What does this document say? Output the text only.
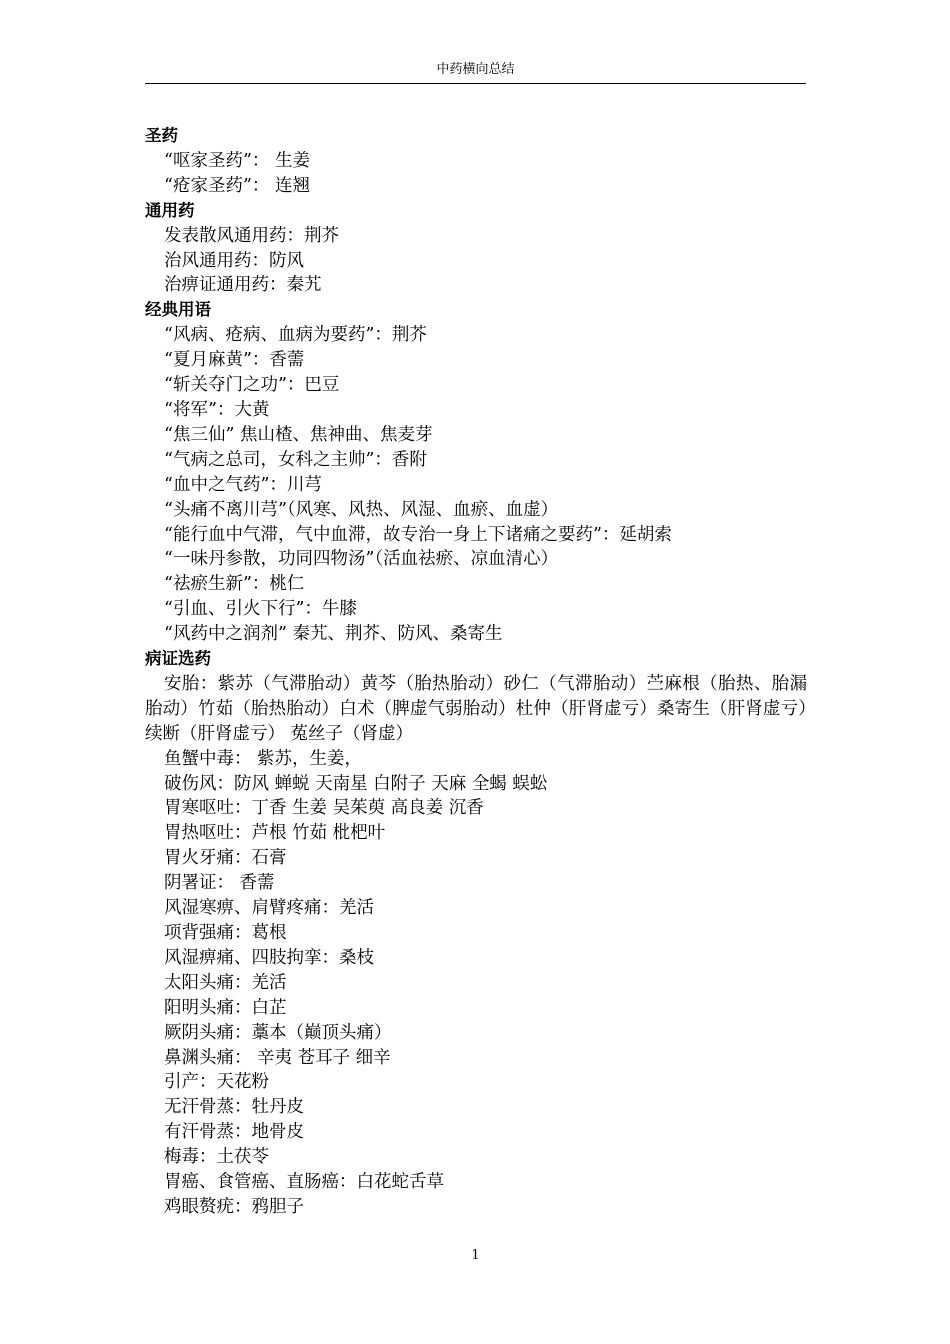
中药横向总结

圣药

“呕家圣药”： 生姜

“疮家圣药”： 连翘

通用药

发表散风通用药：荆芥

治风通用药：防风

治痹证通用药：秦艽

经典用语

“风病、疮病、血病为要药”：荆芥

“夏月麻黄”：香薷

“斩关夺门之功”：巴豆

“将军”：大黄

“焦三仙” 焦山楂、焦神曲、焦麦芽

“气病之总司，女科之主帅”：香附

“血中之气药”：川芎

“头痛不离川芎”（风寒、风热、风湿、血瘀、血虚）

“能行血中气滞，气中血滞，故专治一身上下诸痛之要药”：延胡索

“一味丹参散，功同四物汤”（活血祛瘀、凉血清心）

“祛瘀生新”：桃仁

“引血、引火下行”：牛膝

“风药中之润剂” 秦艽、荆芥、防风、桑寄生

病证选药

安胎：紫苏（气滞胎动）黄芩（胎热胎动）砂仁（气滞胎动）苎麻根（胎热、胎漏胎动）竹茹（胎热胎动）白术（脾虚气弱胎动）杜仲（肝肾虚亏）桑寄生（肝肾虚亏）续断（肝肾虚亏） 菟丝子（肾虚）

鱼蟹中毒： 紫苏，生姜，

破伤风：防风 蝉蜕 天南星 白附子 天麻 全蝎 蜈蚣

胃寒呕吐：丁香 生姜 吴茱萸 高良姜 沉香

胃热呕吐：芦根 竹茹 枇杷叶

胃火牙痛：石膏

阴署证： 香薷

风湿寒痹、肩臂疼痛：羌活

项背强痛：葛根

风湿痹痛、四肢拘挛：桑枝

太阳头痛：羌活

阳明头痛：白芷

厥阴头痛：藁本（巅顶头痛）

鼻渊头痛： 辛夷 苍耳子 细辛

引产：天花粉

无汗骨蒸：牡丹皮

有汗骨蒸：地骨皮

梅毒：土茯苓

胃癌、食管癌、直肠癌：白花蛇舌草

鸡眼赘疣：鸦胆子

1
